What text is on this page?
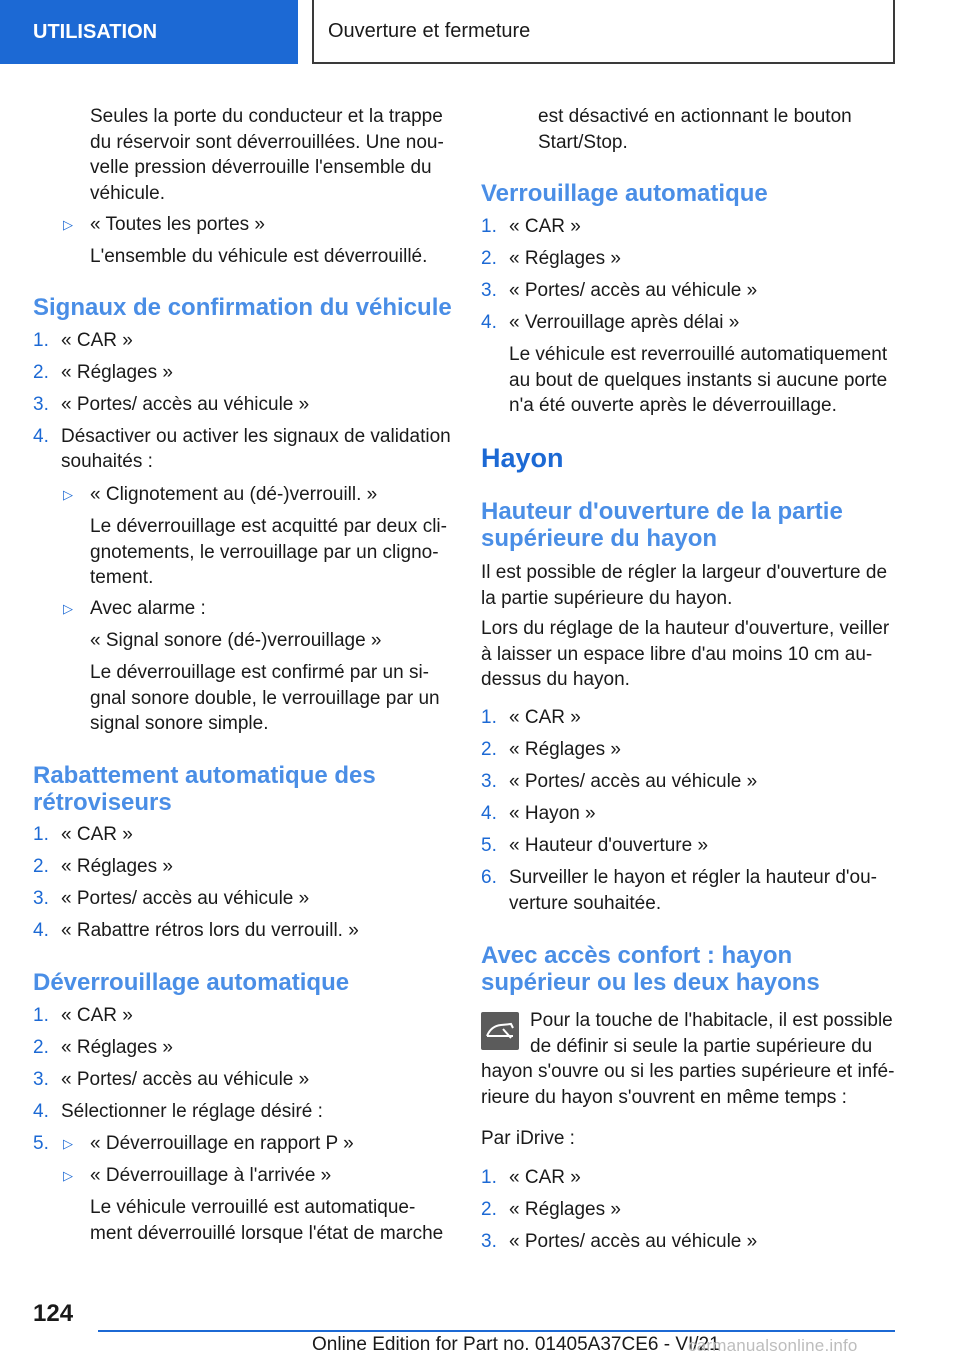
UTILISATION	Ouverture et fermeture
Seules la porte du conducteur et la trappe
du réservoir sont déverrouillées. Une nou-
velle pression déverrouille l'ensemble du
véhicule.
▷ « Toutes les portes »
L'ensemble du véhicule est déverrouillé.
Signaux de confirmation du véhicule
1. « CAR »
2. « Réglages »
3. « Portes/ accès au véhicule »
4. Désactiver ou activer les signaux de validation
souhaités :
▷ « Clignotement au (dé-)verrouill. »
Le déverrouillage est acquitté par deux cli-
gnotements, le verrouillage par un cligno-
tement.
▷ Avec alarme :
« Signal sonore (dé-)verrouillage »
Le déverrouillage est confirmé par un si-
gnal sonore double, le verrouillage par un
signal sonore simple.
Rabattement automatique des
rétroviseurs
1. « CAR »
2. « Réglages »
3. « Portes/ accès au véhicule »
4. « Rabattre rétros lors du verrouill. »
Déverrouillage automatique
1. « CAR »
2. « Réglages »
3. « Portes/ accès au véhicule »
4. Sélectionner le réglage désiré :
5. ▷ « Déverrouillage en rapport P »
▷ « Déverrouillage à l'arrivée »
Le véhicule verrouillé est automatique-
ment déverrouillé lorsque l'état de marche
est désactivé en actionnant le bouton
Start/Stop.
Verrouillage automatique
1. « CAR »
2. « Réglages »
3. « Portes/ accès au véhicule »
4. « Verrouillage après délai »
Le véhicule est reverrouillé automatiquement
au bout de quelques instants si aucune porte
n'a été ouverte après le déverrouillage.
Hayon
Hauteur d'ouverture de la partie
supérieure du hayon
Il est possible de régler la largeur d'ouverture de
la partie supérieure du hayon.
Lors du réglage de la hauteur d'ouverture, veiller
à laisser un espace libre d'au moins 10 cm au-
dessus du hayon.
1. « CAR »
2. « Réglages »
3. « Portes/ accès au véhicule »
4. « Hayon »
5. « Hauteur d'ouverture »
6. Surveiller le hayon et régler la hauteur d'ou-
verture souhaitée.
Avec accès confort : hayon
supérieur ou les deux hayons
Pour la touche de l'habitacle, il est possible
de définir si seule la partie supérieure du
hayon s'ouvre ou si les parties supérieure et infé-
rieure du hayon s'ouvrent en même temps :
Par iDrive :
1. « CAR »
2. « Réglages »
3. « Portes/ accès au véhicule »
124
Online Edition for Part no. 01405A37CE6 - VI/21
carmanualsonline.info
